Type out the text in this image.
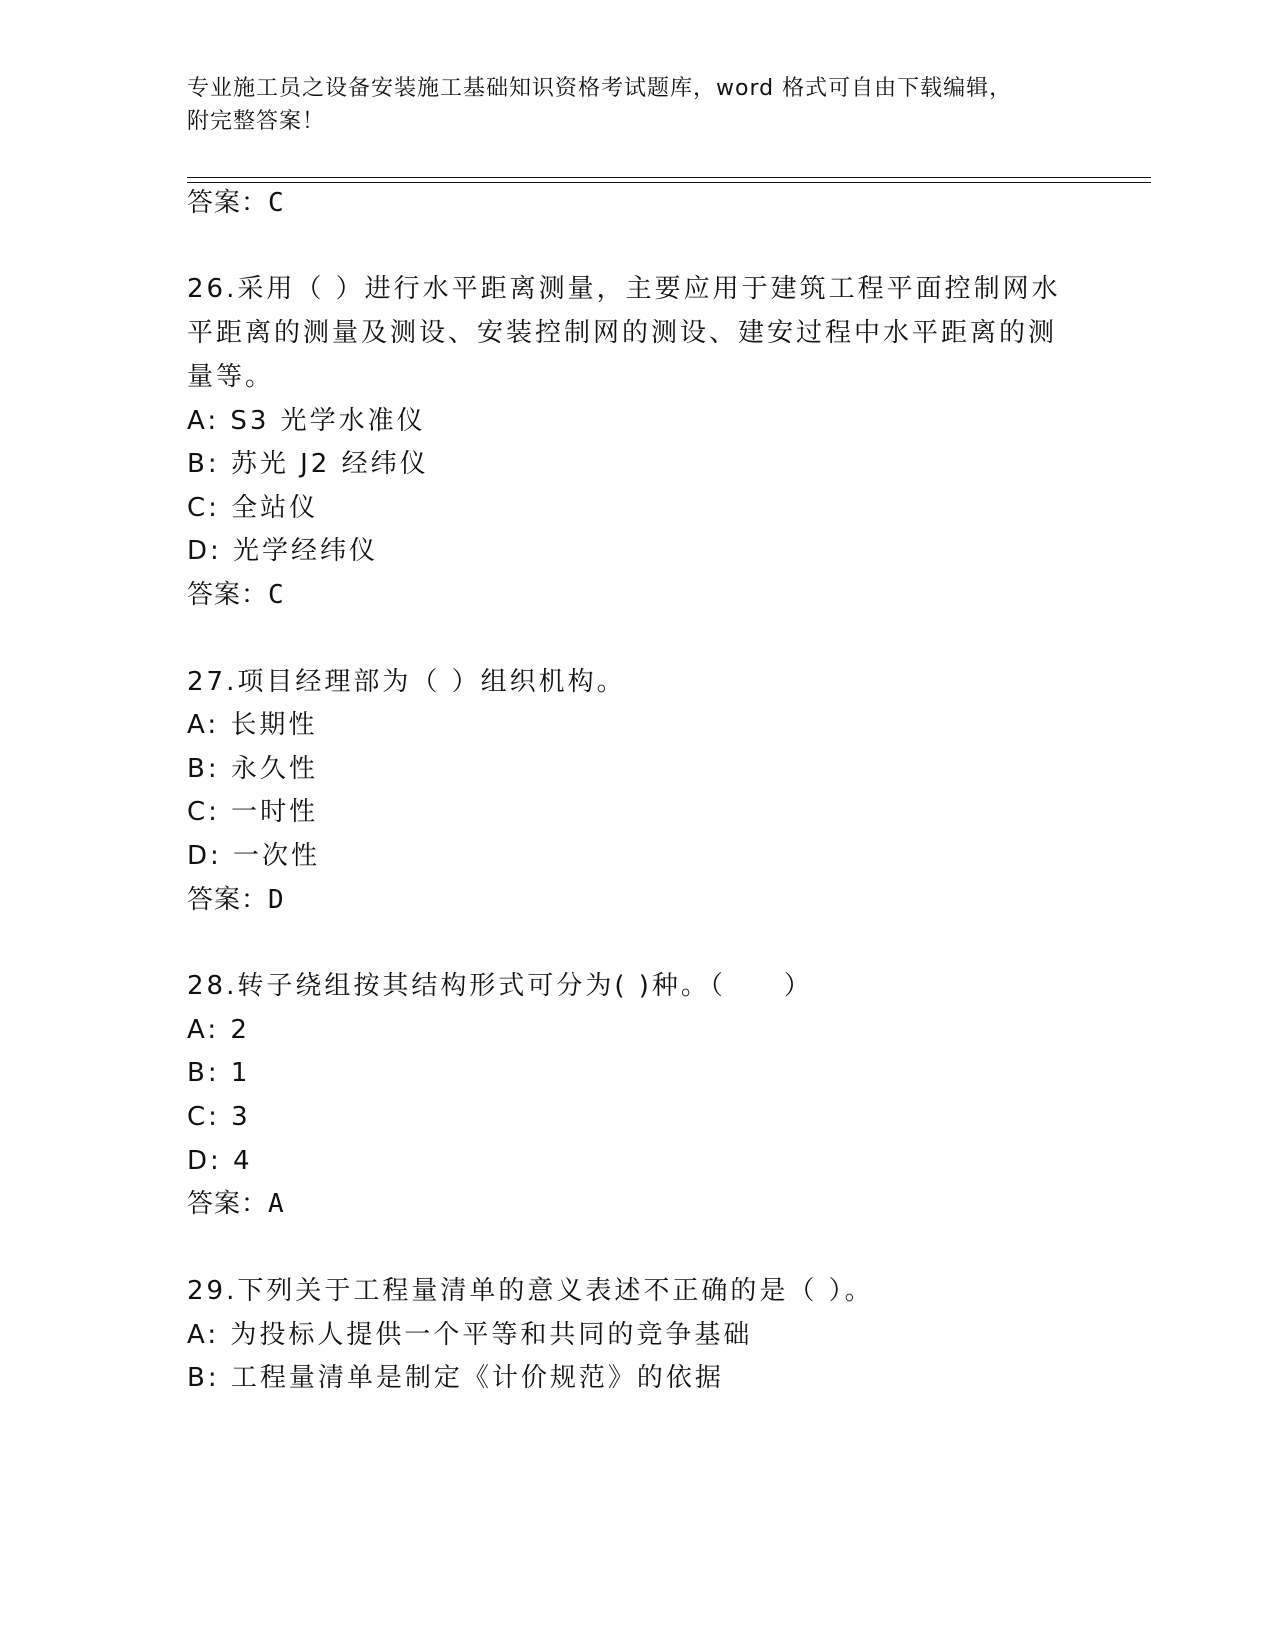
专业施工员之设备安装施工基础知识资格考试题库，word 格式可自由下载编辑，
附完整答案！
答案：C
26.采用（ ）进行水平距离测量，主要应用于建筑工程平面控制网水
平距离的测量及测设、安装控制网的测设、建安过程中水平距离的测
量等。
A: S3 光学水准仪
B: 苏光 J2 经纬仪
C: 全站仪
D: 光学经纬仪
答案：C
27.项目经理部为（ ）组织机构。
A: 长期性
B: 永久性
C: 一时性
D: 一次性
答案：D
28.转子绕组按其结构形式可分为( )种。（　　）
A: 2
B: 1
C: 3
D: 4
答案：A
29.下列关于工程量清单的意义表述不正确的是（ ）。
A: 为投标人提供一个平等和共同的竞争基础
B: 工程量清单是制定《计价规范》的依据
